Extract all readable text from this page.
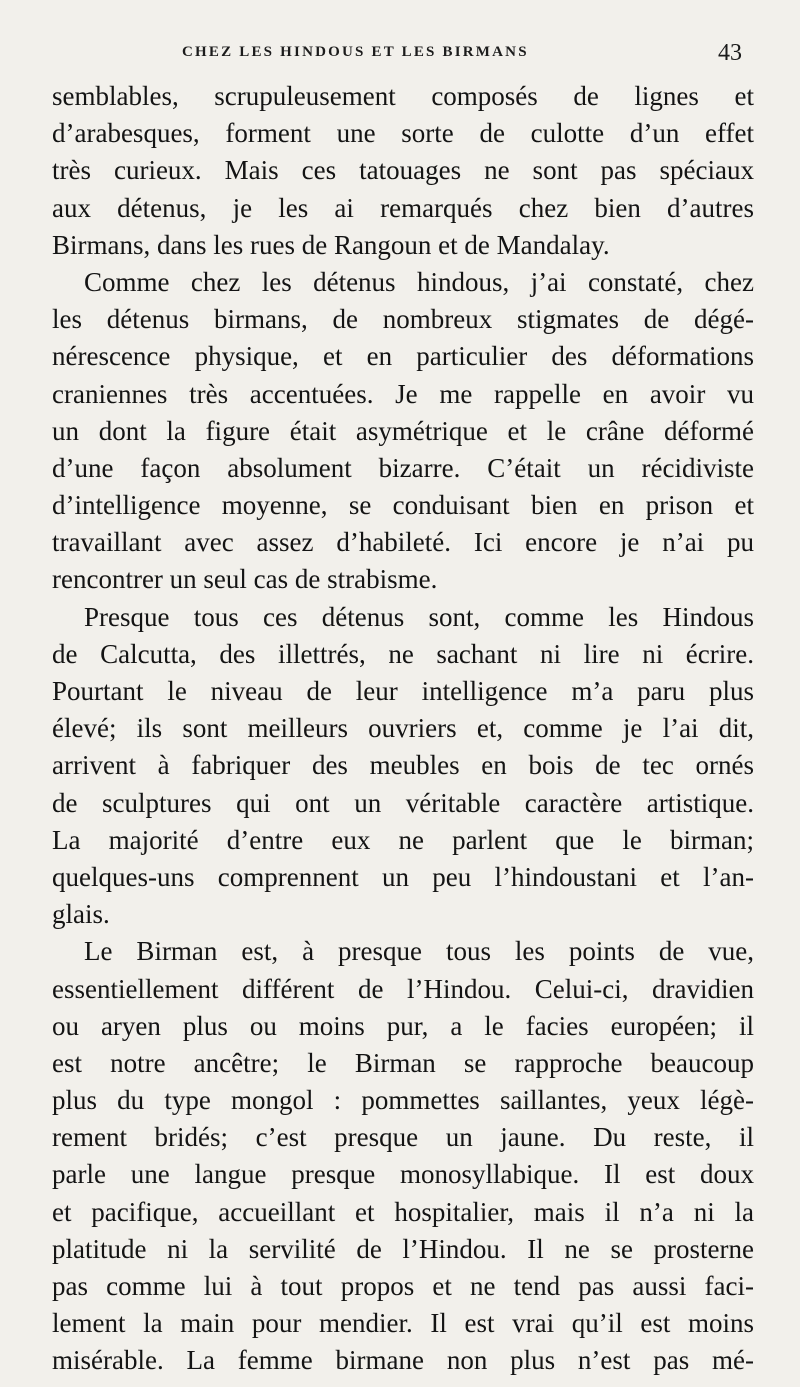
CHEZ LES HINDOUS ET LES BIRMANS	43
semblables, scrupuleusement composés de lignes et
d’arabesques, forment une sorte de culotte d’un effet
très curieux. Mais ces tatouages ne sont pas spéciaux
aux détenus, je les ai remarqués chez bien d’autres
Birmans, dans les rues de Rangoun et de Mandalay.
Comme chez les détenus hindous, j’ai constaté, chez
les détenus birmans, de nombreux stigmates de dégé-
nérescence physique, et en particulier des déformations
craniennes très accentuées. Je me rappelle en avoir vu
un dont la figure était asymétrique et le crâne déformé
d’une façon absolument bizarre. C’était un récidiviste
d’intelligence moyenne, se conduisant bien en prison et
travaillant avec assez d’habileté. Ici encore je n’ai pu
rencontrer un seul cas de strabisme.
Presque tous ces détenus sont, comme les Hindous
de Calcutta, des illettrés, ne sachant ni lire ni écrire.
Pourtant le niveau de leur intelligence m’a paru plus
élevé; ils sont meilleurs ouvriers et, comme je l’ai dit,
arrivent à fabriquer des meubles en bois de tec ornés
de sculptures qui ont un véritable caractère artistique.
La majorité d’entre eux ne parlent que le birman;
quelques-uns comprennent un peu l’hindoustani et l’an-
glais.
Le Birman est, à presque tous les points de vue,
essentiellement différent de l’Hindou. Celui-ci, dravidien
ou aryen plus ou moins pur, a le facies européen; il
est notre ancêtre; le Birman se rapproche beaucoup
plus du type mongol : pommettes saillantes, yeux légè-
rement bridés; c’est presque un jaune. Du reste, il
parle une langue presque monosyllabique. Il est doux
et pacifique, accueillant et hospitalier, mais il n’a ni la
platitude ni la servilité de l’Hindou. Il ne se prosterne
pas comme lui à tout propos et ne tend pas aussi faci-
lement la main pour mendier. Il est vrai qu’il est moins
misérable. La femme birmane non plus n’est pas mé-
